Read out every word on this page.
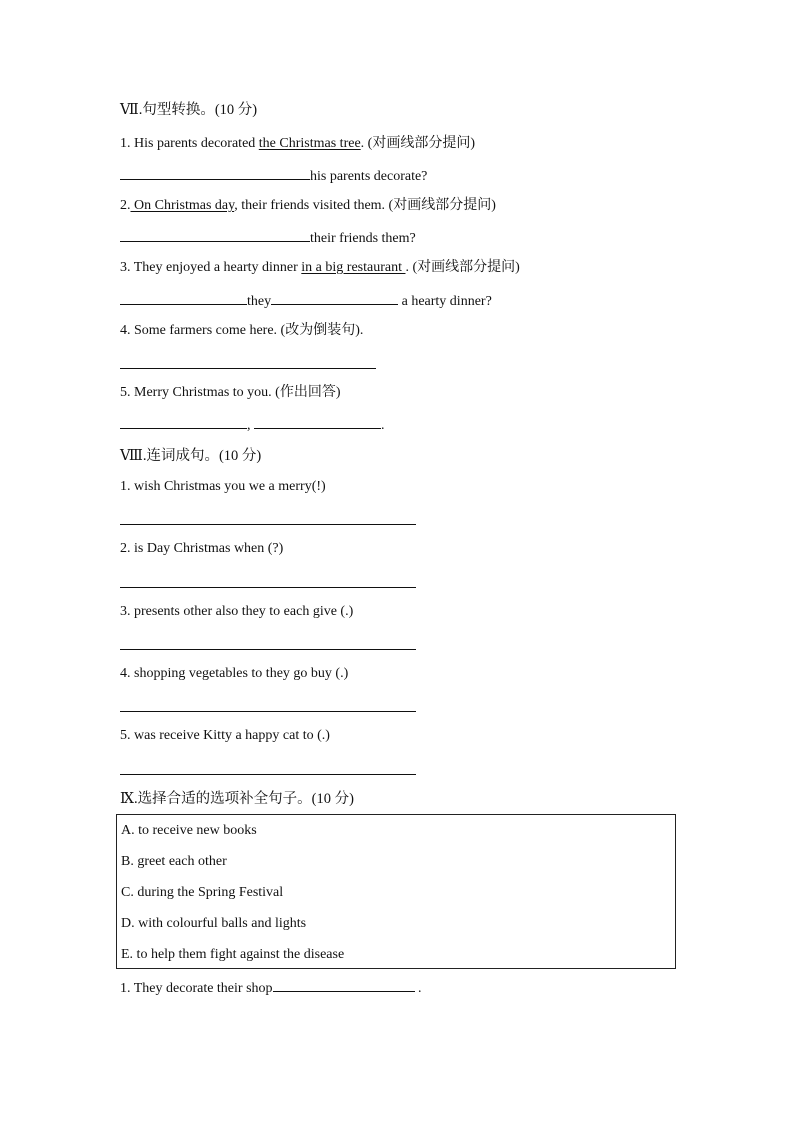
Ⅶ.句型转换。(10 分)
1. His parents decorated the Christmas tree. (对画线部分提问)
his parents decorate?
2. On Christmas day, their friends visited them. (对画线部分提问)
their friends them?
3. They enjoyed a hearty dinner in a big restaurant . (对画线部分提问)
they	a hearty dinner?
4. Some farmers come here. (改为倒装句).
5. Merry Christmas to you. (作出回答)
,	.
Ⅷ.连词成句。(10 分)
1. wish Christmas you we a merry(!)
2. is Day Christmas when (?)
3. presents other also they to each give (.)
4. shopping vegetables to they go buy (.)
5. was receive Kitty a happy cat to (.)
Ⅸ.选择合适的选项补全句子。(10 分)
A. to receive new books
B. greet each other
C. during the Spring Festival
D. with colourful balls and lights
E. to help them fight against the disease
1. They decorate their shop	.
